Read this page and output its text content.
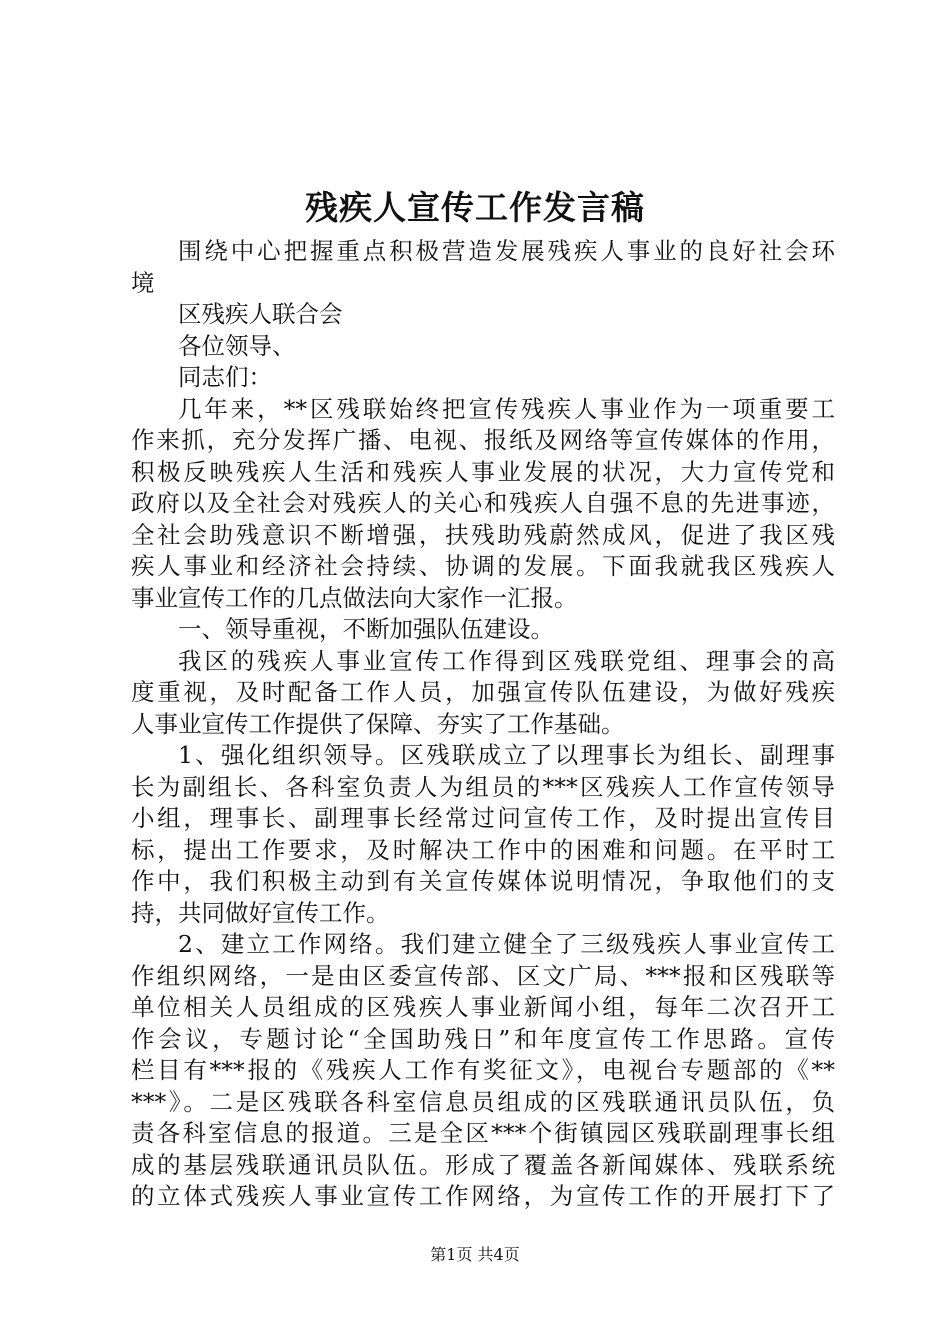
残疾人宣传工作发言稿
围绕中心把握重点积极营造发展残疾人事业的良好社会环
境
区残疾人联合会
各位领导、
同志们：
几年来，**区残联始终把宣传残疾人事业作为一项重要工
作来抓，充分发挥广播、电视、报纸及网络等宣传媒体的作用，
积极反映残疾人生活和残疾人事业发展的状况，大力宣传党和
政府以及全社会对残疾人的关心和残疾人自强不息的先进事迹，
全社会助残意识不断增强，扶残助残蔚然成风，促进了我区残
疾人事业和经济社会持续、协调的发展。下面我就我区残疾人
事业宣传工作的几点做法向大家作一汇报。
一、领导重视，不断加强队伍建设。
我区的残疾人事业宣传工作得到区残联党组、理事会的高
度重视，及时配备工作人员，加强宣传队伍建设，为做好残疾
人事业宣传工作提供了保障、夯实了工作基础。
1、强化组织领导。区残联成立了以理事长为组长、副理事
长为副组长、各科室负责人为组员的***区残疾人工作宣传领导
小组，理事长、副理事长经常过问宣传工作，及时提出宣传目
标，提出工作要求，及时解决工作中的困难和问题。在平时工
作中，我们积极主动到有关宣传媒体说明情况，争取他们的支
持，共同做好宣传工作。
2、建立工作网络。我们建立健全了三级残疾人事业宣传工
作组织网络，一是由区委宣传部、区文广局、***报和区残联等
单位相关人员组成的区残疾人事业新闻小组，每年二次召开工
作会议，专题讨论“全国助残日”和年度宣传工作思路。宣传
栏目有***报的《残疾人工作有奖征文》，电视台专题部的《**
***》。二是区残联各科室信息员组成的区残联通讯员队伍，负
责各科室信息的报道。三是全区***个街镇园区残联副理事长组
成的基层残联通讯员队伍。形成了覆盖各新闻媒体、残联系统
的立体式残疾人事业宣传工作网络，为宣传工作的开展打下了
第1页 共4页
